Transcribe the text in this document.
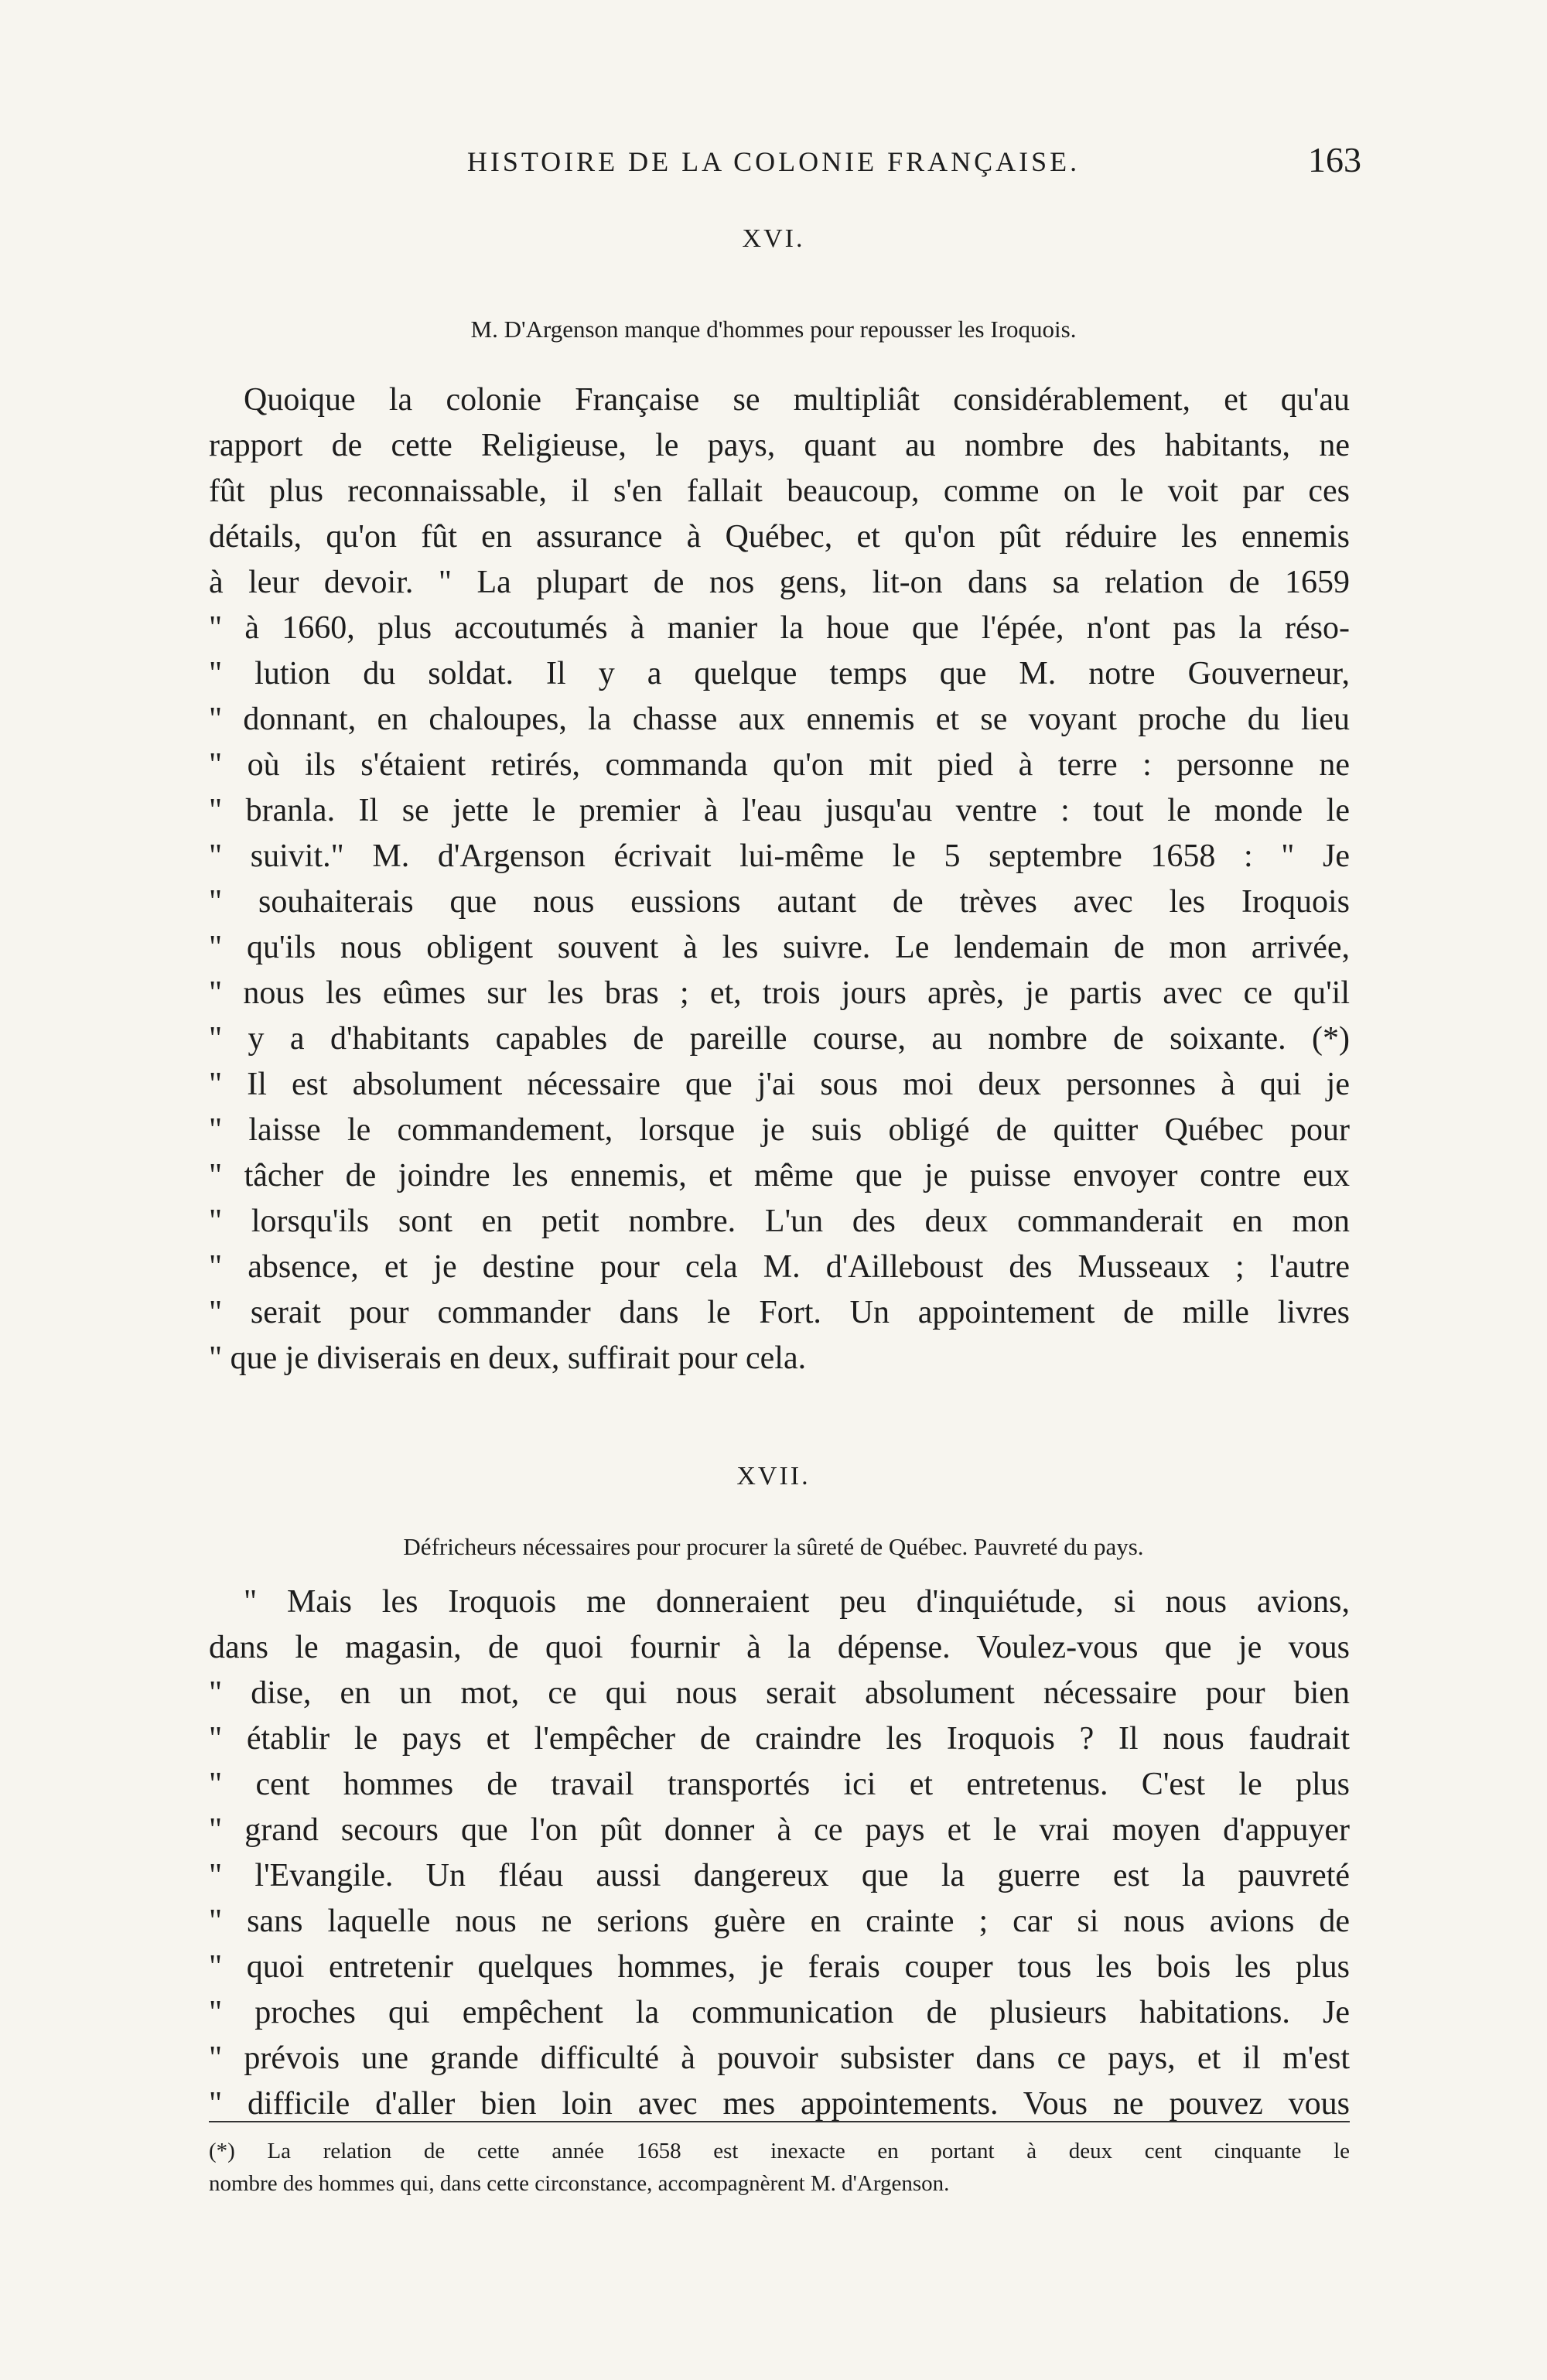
HISTOIRE DE LA COLONIE FRANÇAISE.	163
XVI.
M. D'Argenson manque d'hommes pour repousser les Iroquois.
Quoique la colonie Française se multipliât considérablement, et qu'au
rapport de cette Religieuse, le pays, quant au nombre des habitants, ne
fût plus reconnaissable, il s'en fallait beaucoup, comme on le voit par ces
détails, qu'on fût en assurance à Québec, et qu'on pût réduire les ennemis
à leur devoir. " La plupart de nos gens, lit-on dans sa relation de 1659
" à 1660, plus accoutumés à manier la houe que l'épée, n'ont pas la réso-
" lution du soldat. Il y a quelque temps que M. notre Gouverneur,
" donnant, en chaloupes, la chasse aux ennemis et se voyant proche du lieu
" où ils s'étaient retirés, commanda qu'on mit pied à terre : personne ne
" branla. Il se jette le premier à l'eau jusqu'au ventre : tout le monde le
" suivit." M. d'Argenson écrivait lui-même le 5 septembre 1658 : " Je
" souhaiterais que nous eussions autant de trèves avec les Iroquois
" qu'ils nous obligent souvent à les suivre. Le lendemain de mon arrivée,
" nous les eûmes sur les bras ; et, trois jours après, je partis avec ce qu'il
" y a d'habitants capables de pareille course, au nombre de soixante. (*)
" Il est absolument nécessaire que j'ai sous moi deux personnes à qui je
" laisse le commandement, lorsque je suis obligé de quitter Québec pour
" tâcher de joindre les ennemis, et même que je puisse envoyer contre eux
" lorsqu'ils sont en petit nombre. L'un des deux commanderait en mon
" absence, et je destine pour cela M. d'Ailleboust des Musseaux ; l'autre
" serait pour commander dans le Fort. Un appointement de mille livres
" que je diviserais en deux, suffirait pour cela.
XVII.
Défricheurs nécessaires pour procurer la sûreté de Québec. Pauvreté du pays.
" Mais les Iroquois me donneraient peu d'inquiétude, si nous avions,
dans le magasin, de quoi fournir à la dépense. Voulez-vous que je vous
" dise, en un mot, ce qui nous serait absolument nécessaire pour bien
" établir le pays et l'empêcher de craindre les Iroquois ? Il nous faudrait
" cent hommes de travail transportés ici et entretenus. C'est le plus
" grand secours que l'on pût donner à ce pays et le vrai moyen d'appuyer
" l'Evangile. Un fléau aussi dangereux que la guerre est la pauvreté
" sans laquelle nous ne serions guère en crainte ; car si nous avions de
" quoi entretenir quelques hommes, je ferais couper tous les bois les plus
" proches qui empêchent la communication de plusieurs habitations. Je
" prévois une grande difficulté à pouvoir subsister dans ce pays, et il m'est
" difficile d'aller bien loin avec mes appointements. Vous ne pouvez vous
(*) La relation de cette année 1658 est inexacte en portant à deux cent cinquante le
nombre des hommes qui, dans cette circonstance, accompagnèrent M. d'Argenson.
